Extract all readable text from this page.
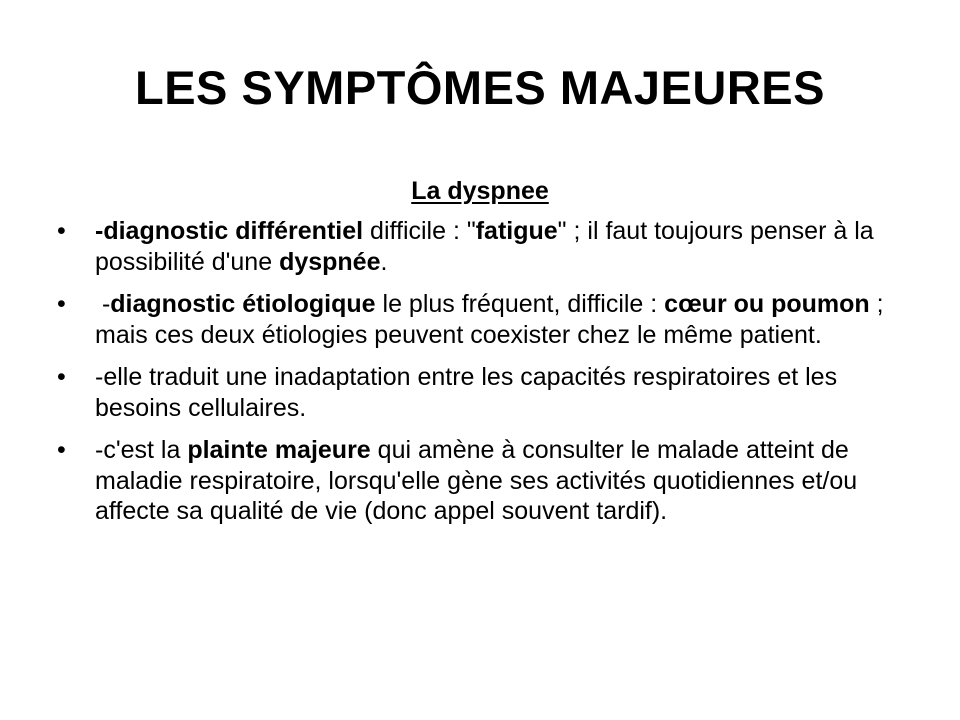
LES SYMPTÔMES MAJEURES
La dyspnee
• -diagnostic différentiel difficile : "fatigue" ; il faut toujours penser à la possibilité d'une dyspnée.
• -diagnostic étiologique le plus fréquent, difficile : cœur ou poumon ; mais ces deux étiologies peuvent coexister chez le même patient.
• -elle traduit une inadaptation entre les capacités respiratoires et les besoins cellulaires.
• -c'est la plainte majeure qui amène à consulter le malade atteint de maladie respiratoire, lorsqu'elle gène ses activités quotidiennes et/ou affecte sa qualité de vie (donc appel souvent tardif).
